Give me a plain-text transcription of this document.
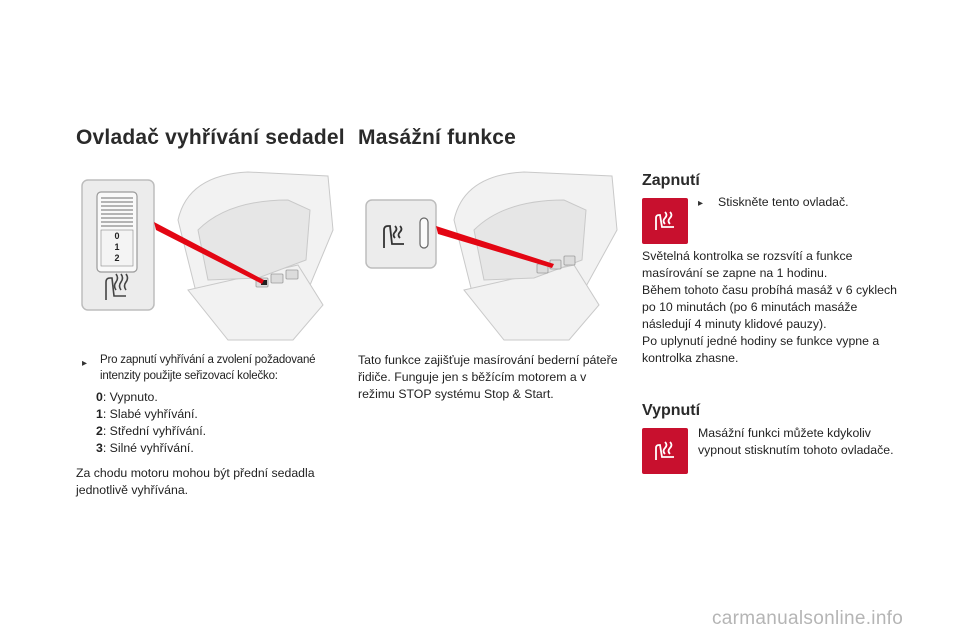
Ovladač vyhřívání sedadel
0
1
2
▸ Pro zapnutí vyhřívání a zvolení požadované
intenzity použijte seřizovací kolečko:
0: Vypnuto.
1: Slabé vyhřívání.
2: Střední vyhřívání.
3: Silné vyhřívání.
Za chodu motoru mohou být přední sedadla
jednotlivě vyhřívána.
Masážní funkce
Tato funkce zajišťuje masírování bederní páteře
řidiče. Funguje jen s běžícím motorem a v
režimu STOP systému Stop & Start.
Zapnutí
▸ Stiskněte tento ovladač.
Světelná kontrolka se rozsvítí a funkce
masírování se zapne na 1 hodinu.
Během tohoto času probíhá masáž v 6 cyklech
po 10 minutách (po 6 minutách masáže
následují 4 minuty klidové pauzy).
Po uplynutí jedné hodiny se funkce vypne a
kontrolka zhasne.
Vypnutí
Masážní funkci můžete kdykoliv
vypnout stisknutím tohoto ovladače.
carmanualsonline.info
